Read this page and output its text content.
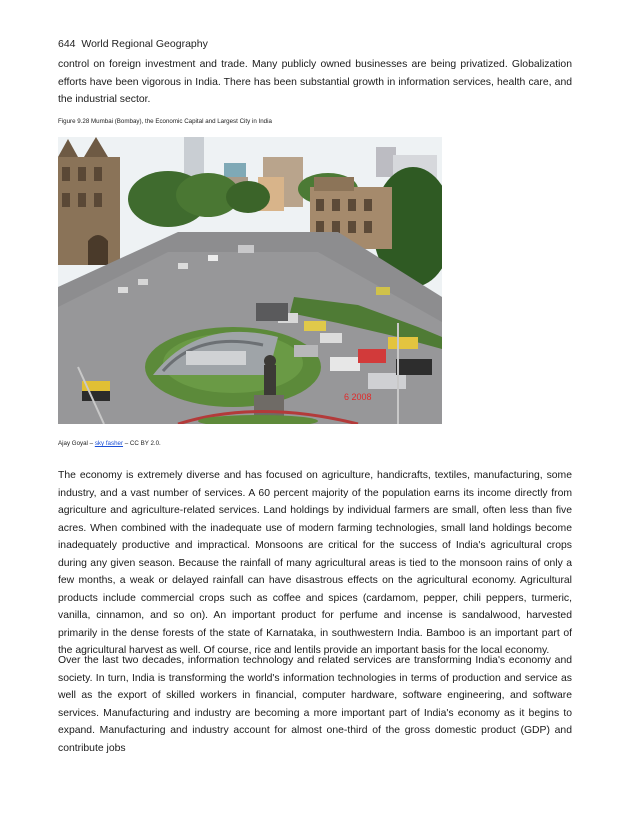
644 World Regional Geography

control on foreign investment and trade. Many publicly owned businesses are being privatized. Globalization efforts have been vigorous in India. There has been substantial growth in information services, health care, and the industrial sector.

Figure 9.28 Mumbai (Bombay), the Economic Capital and Largest City in India
6 2008
Ajay Goyal – sky fasher – CC BY 2.0.

The economy is extremely diverse and has focused on agriculture, handicrafts, textiles, manufacturing, some industry, and a vast number of services. A 60 percent majority of the population earns its income directly from agriculture and agriculture-related services. Land holdings by individual farmers are small, often less than five acres. When combined with the inadequate use of modern farming technologies, small land holdings become inadequately productive and impractical. Monsoons are critical for the success of India's agricultural crops during any given season. Because the rainfall of many agricultural areas is tied to the monsoon rains of only a few months, a weak or delayed rainfall can have disastrous effects on the agricultural economy. Agricultural products include commercial crops such as coffee and spices (cardamom, pepper, chili peppers, turmeric, vanilla, cinnamon, and so on). An important product for perfume and incense is sandalwood, harvested primarily in the dense forests of the state of Karnataka, in southwestern India. Bamboo is an important part of the agricultural harvest as well. Of course, rice and lentils provide an important basis for the local economy.

Over the last two decades, information technology and related services are transforming India's economy and society. In turn, India is transforming the world's information technologies in terms of production and service as well as the export of skilled workers in financial, computer hardware, software engineering, and software services. Manufacturing and industry are becoming a more important part of India's economy as it begins to expand. Manufacturing and industry account for almost one-third of the gross domestic product (GDP) and contribute jobs
